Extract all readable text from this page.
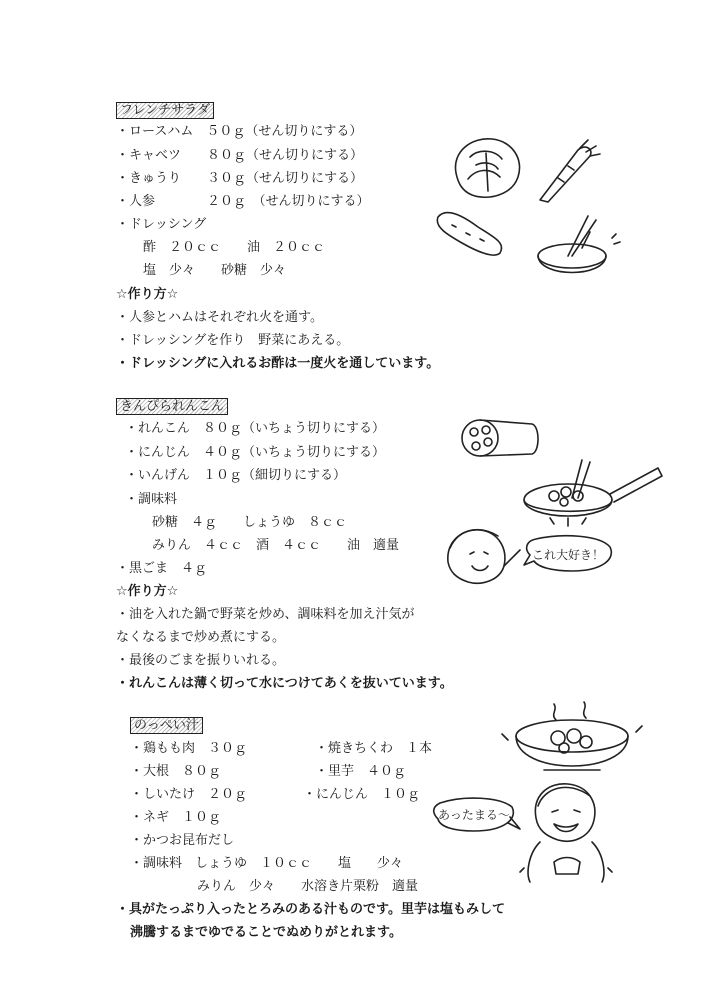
フレンチサラダ
・ロースハム　５０ｇ（せん切りにする）
・キャベツ　　８０ｇ（せん切りにする）
・きゅうり　　３０ｇ（せん切りにする）
・人参　　　　２０ｇ　（せん切りにする）
・ドレッシング
酢　２０ｃｃ　　油　２０ｃｃ
塩　少々　　砂糖　少々
☆作り方☆
・人参とハムはそれぞれ火を通す。
・ドレッシングを作り　野菜にあえる。
・ドレッシングに入れるお酢は一度火を通しています。
きんぴられんこん
・れんこん　８０ｇ（いちょう切りにする）
・にんじん　４０ｇ（いちょう切りにする）
・いんげん　１０ｇ（細切りにする）
・調味料
砂糖　４ｇ　　しょうゆ　８ｃｃ
みりん　４ｃｃ　酒　４ｃｃ　　油　適量
・黒ごま　４ｇ
☆作り方☆
・油を入れた鍋で野菜を炒め、調味料を加え汁気が
なくなるまで炒め煮にする。
・最後のごまを振りいれる。
・れんこんは薄く切って水につけてあくを抜いています。
のっぺい汁
・鶏もも肉　３０ｇ
・大根　８０ｇ
・しいたけ　２０ｇ
・ネギ　１０ｇ
・かつお昆布だし
・調味料　しょうゆ　１０ｃｃ　　塩　　少々
みりん　少々　　水溶き片栗粉　適量
・焼きちくわ　１本
・里芋　４０ｇ
・にんじん　１０ｇ
・具がたっぷり入ったとろみのある汁ものです。里芋は塩もみして
沸騰するまでゆでることでぬめりがとれます。
これ大好き！
あったまる～
